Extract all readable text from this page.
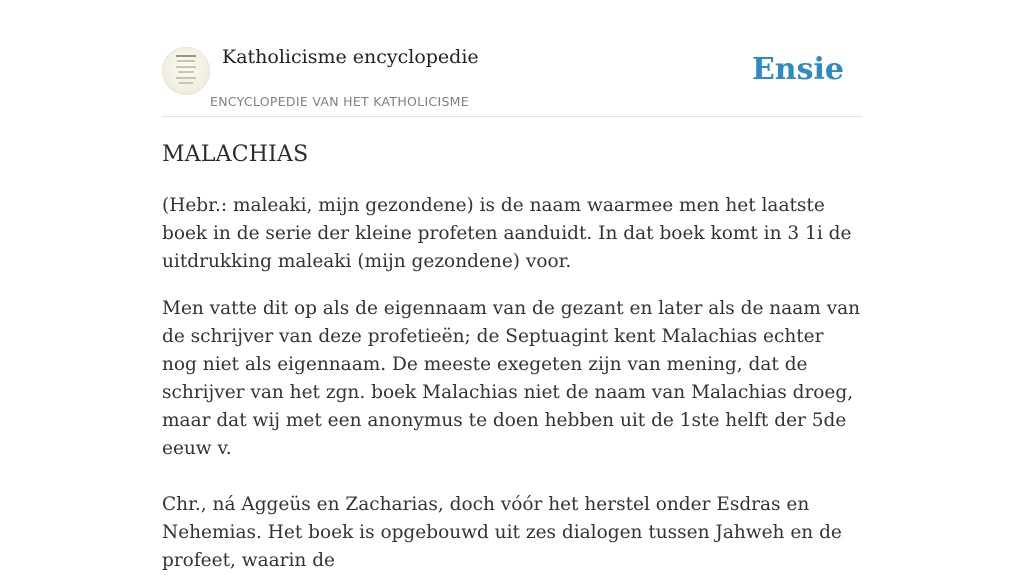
Katholicisme encyclopedie
ENCYCLOPEDIE VAN HET KATHOLICISME
Ensie
MALACHIAS

(Hebr.: maleaki, mijn gezondene) is de naam waarmee men het laatste boek in de serie der kleine profeten aanduidt. In dat boek komt in 3 1i de uitdrukking maleaki (mijn gezondene) voor.

Men vatte dit op als de eigennaam van de gezant en later als de naam van de schrijver van deze profetieën; de Septuagint kent Malachias echter nog niet als eigennaam. De meeste exegeten zijn van mening, dat de schrijver van het zgn. boek Malachias niet de naam van Malachias droeg, maar dat wij met een anonymus te doen hebben uit de 1ste helft der 5de eeuw v.

Chr., ná Aggeüs en Zacharias, doch vóór het herstel onder Esdras en Nehemias. Het boek is opgebouwd uit zes dialogen tussen Jahweh en de profeet, waarin de
